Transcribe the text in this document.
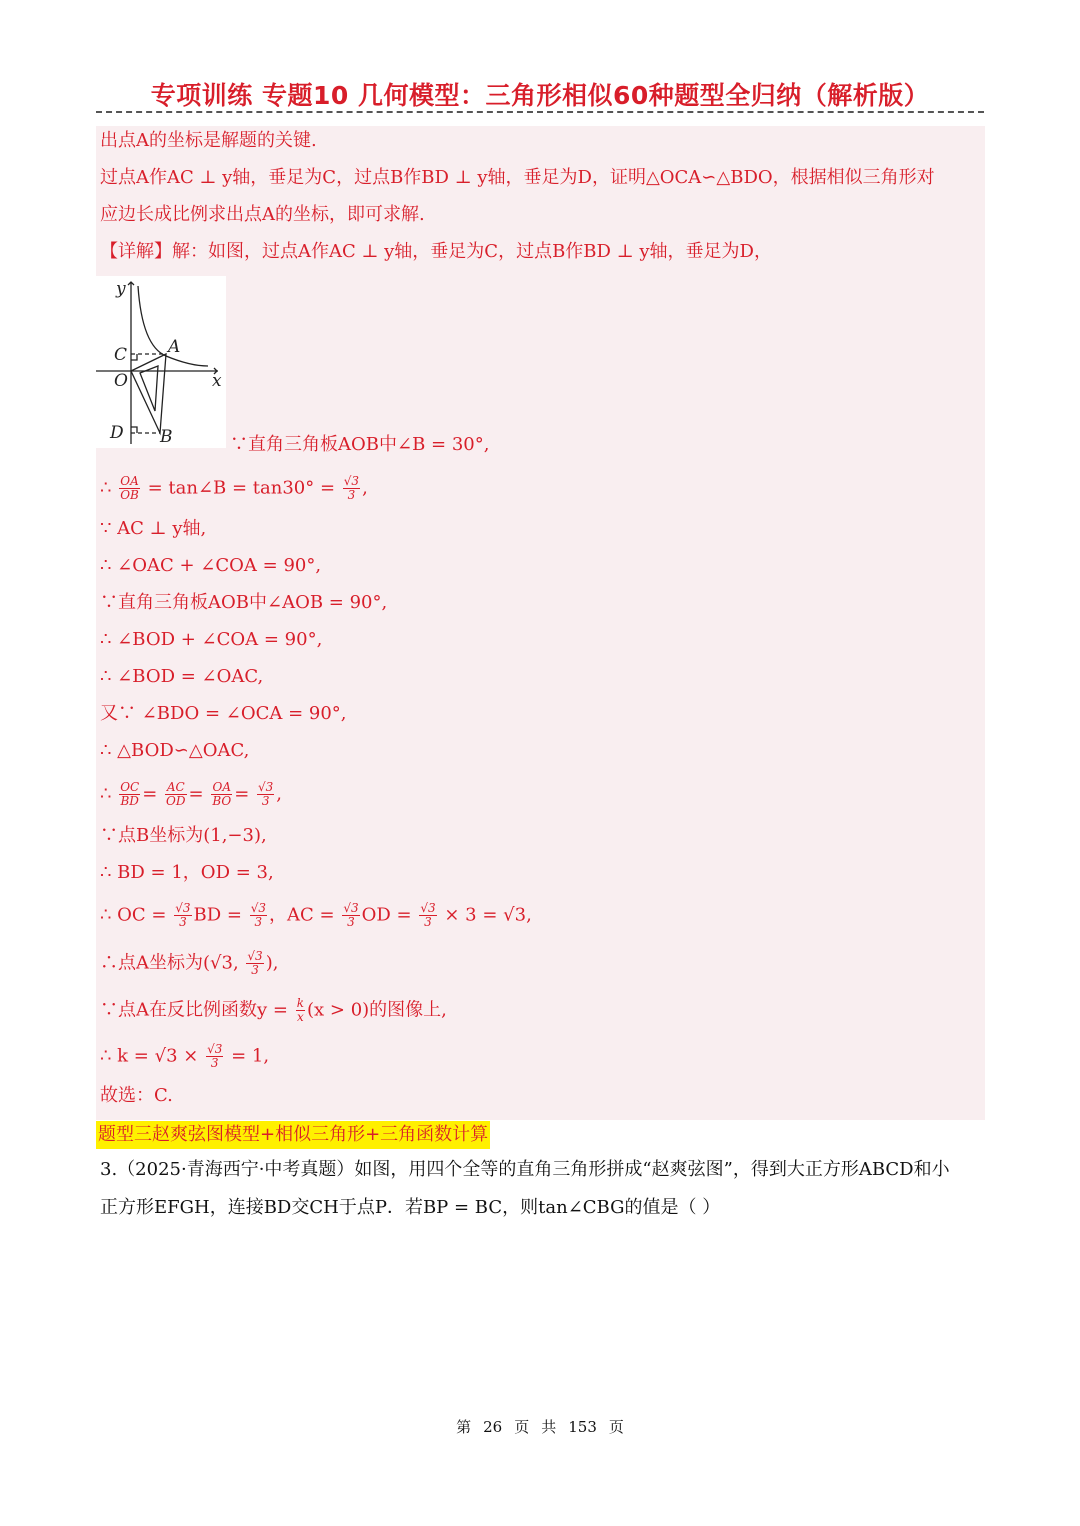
专项训练 专题10 几何模型：三角形相似60种题型全归纳（解析版）
出点A的坐标是解题的关键.
过点A作AC ⊥ y轴，垂足为C，过点B作BD ⊥ y轴，垂足为D，证明△OCA∽△BDO，根据相似三角形对
应边长成比例求出点A的坐标，即可求解.
【详解】解：如图，过点A作AC ⊥ y轴，垂足为C，过点B作BD ⊥ y轴，垂足为D，
y
x
O
A
C
D B	∵直角三角板AOB中∠B = 30°,
∴ $\frac{OA}{OB}$ = tan∠B = $\tan 30^\circ = \frac{√3}{3}$ ,
∵ AC ⊥ y轴,
∴ ∠OAC + ∠COA = 90°,
∵直角三角板AOB中∠AOB = 90°,
∴ ∠BOD + ∠COA = 90°,
∴ ∠BOD = ∠OAC,
又∵ ∠BDO = ∠OCA = 90°,
∴ △BOD∽△OAC,
∴ $\frac{OC}{BD} = \frac{AC}{OD} = \frac{OA}{BO} = \frac{√3}{3}$ ,
∵点B坐标为(1,−3),
∴ BD = 1，OD = 3,
∴ OC = $\frac{√3}{3}$ BD = $\frac{√3}{3}$ ，AC = $\frac{√3}{3}$ OD = $\frac{√3}{3} \times 3 = √3$,
∴点A坐标为(√3, $\frac{√3}{3}$ ),
∵点A在反比例函数$y = \frac{k}{x} (x > 0)$的图像上,
∴ $k = √3 \times \frac{√3}{3} = 1$,
故选：C.
题型三赵爽弦图模型+相似三角形+三角函数计算
3.（2025·青海西宁·中考真题）如图，用四个全等的直角三角形拼成“赵爽弦图”，得到大正方形ABCD和小
正方形EFGH，连接BD交CH于点P．若BP = BC，则tan∠CBG的值是（ ）
第 26 页 共 153 页
